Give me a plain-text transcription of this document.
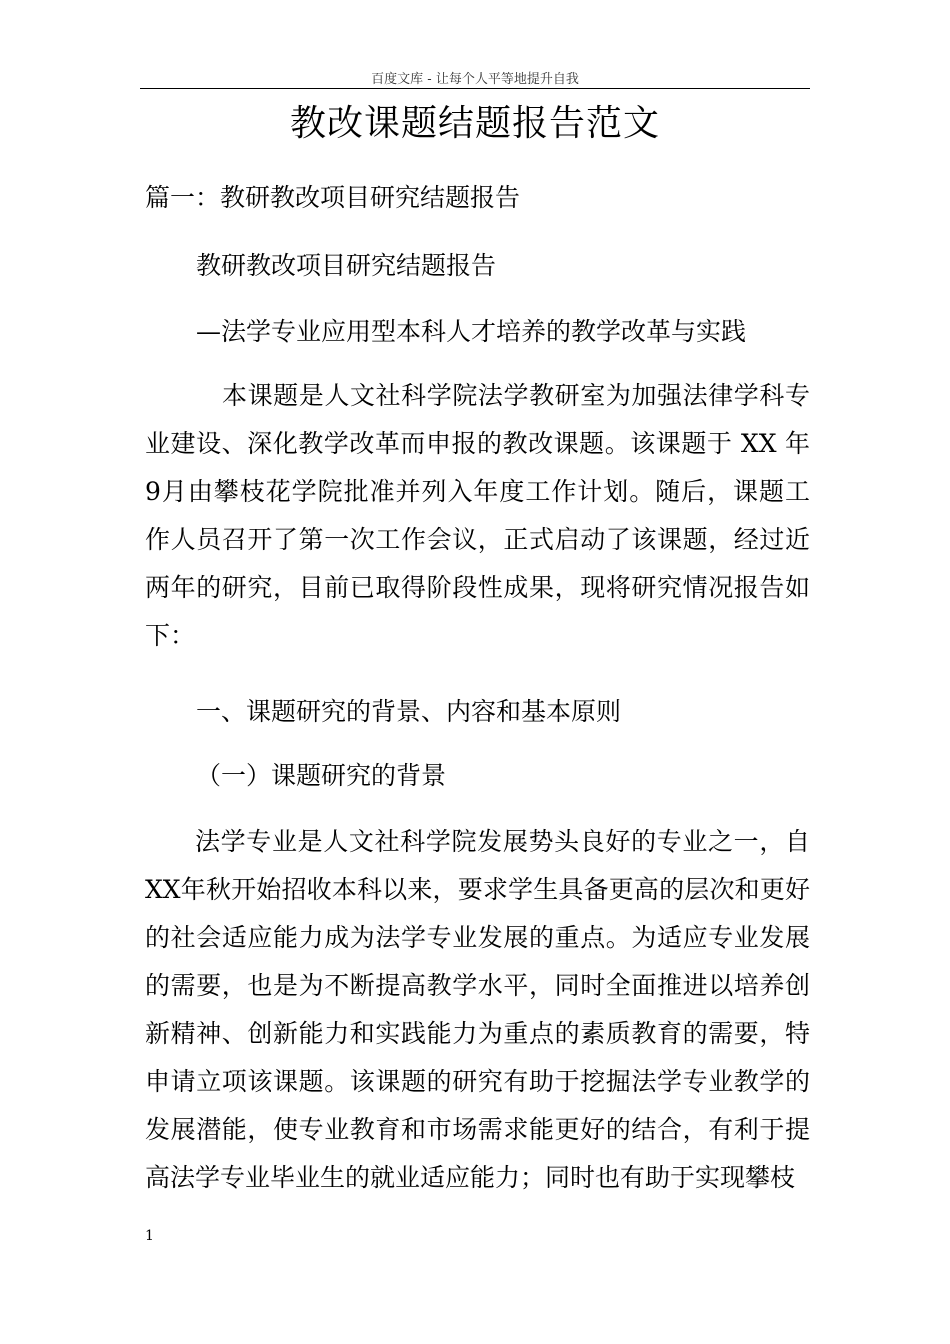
百度文库 - 让每个人平等地提升自我
教改课题结题报告范文
篇一：教研教改项目研究结题报告
教研教改项目研究结题报告
—法学专业应用型本科人才培养的教学改革与实践
本课题是人文社科学院法学教研室为加强法律学科专业建设、深化教学改革而申报的教改课题。该课题于 XX 年9月由攀枝花学院批准并列入年度工作计划。随后，课题工作人员召开了第一次工作会议，正式启动了该课题，经过近两年的研究，目前已取得阶段性成果，现将研究情况报告如下：
一、课题研究的背景、内容和基本原则
（一）课题研究的背景
法学专业是人文社科学院发展势头良好的专业之一，自XX年秋开始招收本科以来，要求学生具备更高的层次和更好的社会适应能力成为法学专业发展的重点。为适应专业发展的需要，也是为不断提高教学水平，同时全面推进以培养创新精神、创新能力和实践能力为重点的素质教育的需要，特申请立项该课题。该课题的研究有助于挖掘法学专业教学的发展潜能，使专业教育和市场需求能更好的结合，有利于提高法学专业毕业生的就业适应能力；同时也有助于实现攀枝
1
